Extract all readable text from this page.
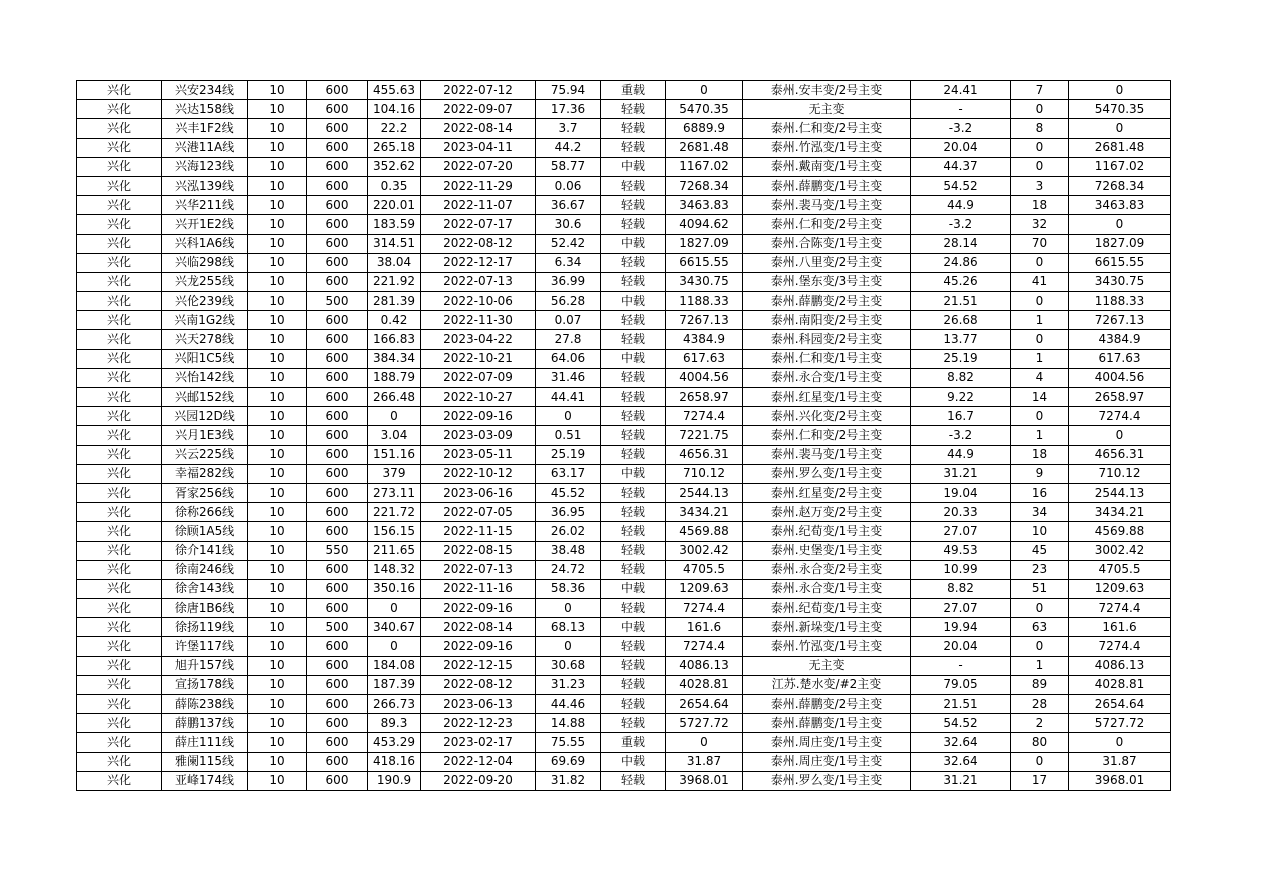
兴化	兴安234线	10	600	455.63	2022-07-12	75.94	重载	0	泰州.安丰变/2号主变	24.41	7	0
兴化	兴达158线	10	600	104.16	2022-09-07	17.36	轻载	5470.35	无主变	-	0	5470.35
兴化	兴丰1F2线	10	600	22.2	2022-08-14	3.7	轻载	6889.9	泰州.仁和变/2号主变	-3.2	8	0
兴化	兴港11A线	10	600	265.18	2023-04-11	44.2	轻载	2681.48	泰州.竹泓变/1号主变	20.04	0	2681.48
兴化	兴海123线	10	600	352.62	2022-07-20	58.77	中载	1167.02	泰州.戴南变/1号主变	44.37	0	1167.02
兴化	兴泓139线	10	600	0.35	2022-11-29	0.06	轻载	7268.34	泰州.薛鹏变/1号主变	54.52	3	7268.34
兴化	兴华211线	10	600	220.01	2022-11-07	36.67	轻载	3463.83	泰州.裴马变/1号主变	44.9	18	3463.83
兴化	兴开1E2线	10	600	183.59	2022-07-17	30.6	轻载	4094.62	泰州.仁和变/2号主变	-3.2	32	0
兴化	兴科1A6线	10	600	314.51	2022-08-12	52.42	中载	1827.09	泰州.合陈变/1号主变	28.14	70	1827.09
兴化	兴临298线	10	600	38.04	2022-12-17	6.34	轻载	6615.55	泰州.八里变/2号主变	24.86	0	6615.55
兴化	兴龙255线	10	600	221.92	2022-07-13	36.99	轻载	3430.75	泰州.堡东变/3号主变	45.26	41	3430.75
兴化	兴伦239线	10	500	281.39	2022-10-06	56.28	中载	1188.33	泰州.薛鹏变/2号主变	21.51	0	1188.33
兴化	兴南1G2线	10	600	0.42	2022-11-30	0.07	轻载	7267.13	泰州.南阳变/2号主变	26.68	1	7267.13
兴化	兴天278线	10	600	166.83	2023-04-22	27.8	轻载	4384.9	泰州.科园变/2号主变	13.77	0	4384.9
兴化	兴阳1C5线	10	600	384.34	2022-10-21	64.06	中载	617.63	泰州.仁和变/1号主变	25.19	1	617.63
兴化	兴怡142线	10	600	188.79	2022-07-09	31.46	轻载	4004.56	泰州.永合变/1号主变	8.82	4	4004.56
兴化	兴邮152线	10	600	266.48	2022-10-27	44.41	轻载	2658.97	泰州.红星变/1号主变	9.22	14	2658.97
兴化	兴园12D线	10	600	0	2022-09-16	0	轻载	7274.4	泰州.兴化变/2号主变	16.7	0	7274.4
兴化	兴月1E3线	10	600	3.04	2023-03-09	0.51	轻载	7221.75	泰州.仁和变/2号主变	-3.2	1	0
兴化	兴云225线	10	600	151.16	2023-05-11	25.19	轻载	4656.31	泰州.裴马变/1号主变	44.9	18	4656.31
兴化	幸福282线	10	600	379	2022-10-12	63.17	中载	710.12	泰州.罗么变/1号主变	31.21	9	710.12
兴化	胥家256线	10	600	273.11	2023-06-16	45.52	轻载	2544.13	泰州.红星变/2号主变	19.04	16	2544.13
兴化	徐称266线	10	600	221.72	2022-07-05	36.95	轻载	3434.21	泰州.赵万变/2号主变	20.33	34	3434.21
兴化	徐顾1A5线	10	600	156.15	2022-11-15	26.02	轻载	4569.88	泰州.纪荀变/1号主变	27.07	10	4569.88
兴化	徐介141线	10	550	211.65	2022-08-15	38.48	轻载	3002.42	泰州.史堡变/1号主变	49.53	45	3002.42
兴化	徐南246线	10	600	148.32	2022-07-13	24.72	轻载	4705.5	泰州.永合变/2号主变	10.99	23	4705.5
兴化	徐舍143线	10	600	350.16	2022-11-16	58.36	中载	1209.63	泰州.永合变/1号主变	8.82	51	1209.63
兴化	徐唐1B6线	10	600	0	2022-09-16	0	轻载	7274.4	泰州.纪荀变/1号主变	27.07	0	7274.4
兴化	徐扬119线	10	500	340.67	2022-08-14	68.13	中载	161.6	泰州.新垛变/1号主变	19.94	63	161.6
兴化	许堡117线	10	600	0	2022-09-16	0	轻载	7274.4	泰州.竹泓变/1号主变	20.04	0	7274.4
兴化	旭升157线	10	600	184.08	2022-12-15	30.68	轻载	4086.13	无主变	-	1	4086.13
兴化	宣扬178线	10	600	187.39	2022-08-12	31.23	轻载	4028.81	江苏.楚水变/#2主变	79.05	89	4028.81
兴化	薛陈238线	10	600	266.73	2023-06-13	44.46	轻载	2654.64	泰州.薛鹏变/2号主变	21.51	28	2654.64
兴化	薛鹏137线	10	600	89.3	2022-12-23	14.88	轻载	5727.72	泰州.薛鹏变/1号主变	54.52	2	5727.72
兴化	薛庄111线	10	600	453.29	2023-02-17	75.55	重载	0	泰州.周庄变/1号主变	32.64	80	0
兴化	雅阑115线	10	600	418.16	2022-12-04	69.69	中载	31.87	泰州.周庄变/1号主变	32.64	0	31.87
兴化	亚峰174线	10	600	190.9	2022-09-20	31.82	轻载	3968.01	泰州.罗么变/1号主变	31.21	17	3968.01
